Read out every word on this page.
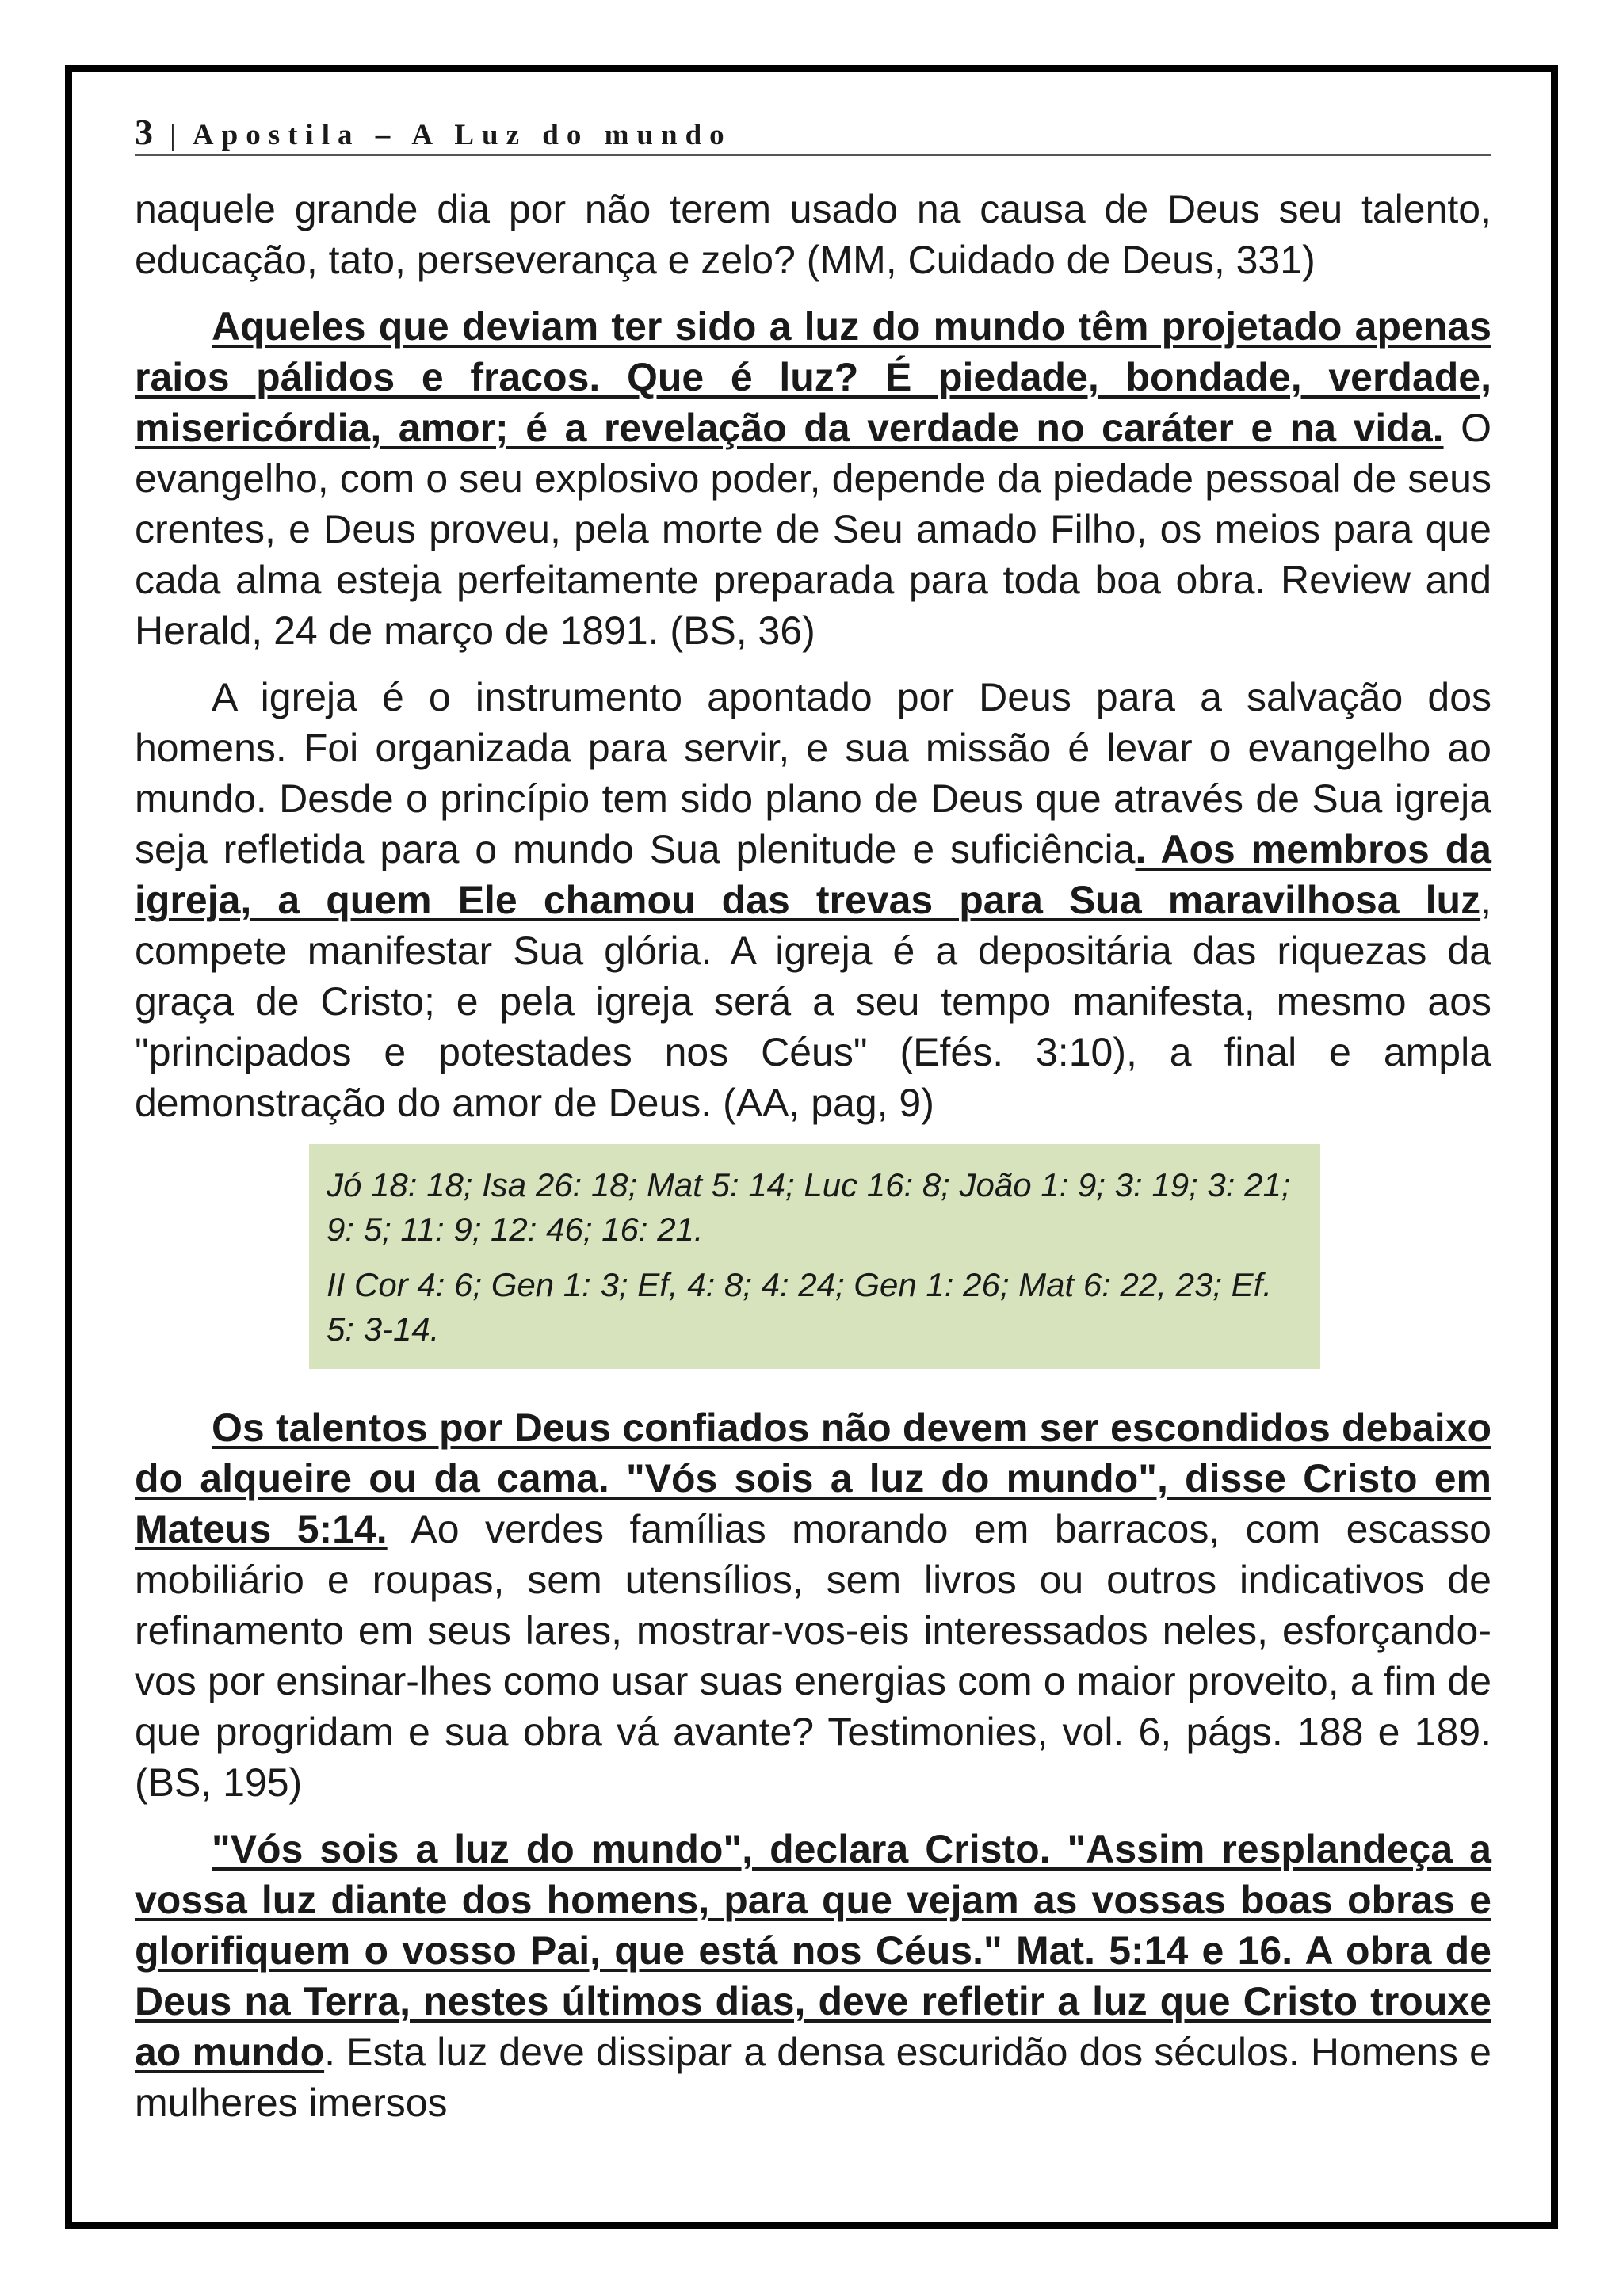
3 | Apostila – A Luz do mundo

naquele grande dia por não terem usado na causa de Deus seu talento, educação, tato, perseverança e zelo? (MM, Cuidado de Deus, 331)

Aqueles que deviam ter sido a luz do mundo têm projetado apenas raios pálidos e fracos. Que é luz? É piedade, bondade, verdade, misericórdia, amor; é a revelação da verdade no caráter e na vida. O evangelho, com o seu explosivo poder, depende da piedade pessoal de seus crentes, e Deus proveu, pela morte de Seu amado Filho, os meios para que cada alma esteja perfeitamente preparada para toda boa obra. Review and Herald, 24 de março de 1891. (BS, 36)

A igreja é o instrumento apontado por Deus para a salvação dos homens. Foi organizada para servir, e sua missão é levar o evangelho ao mundo. Desde o princípio tem sido plano de Deus que através de Sua igreja seja refletida para o mundo Sua plenitude e suficiência. Aos membros da igreja, a quem Ele chamou das trevas para Sua maravilhosa luz, compete manifestar Sua glória. A igreja é a depositária das riquezas da graça de Cristo; e pela igreja será a seu tempo manifesta, mesmo aos "principados e potestades nos Céus" (Efés. 3:10), a final e ampla demonstração do amor de Deus. (AA, pag, 9)

Jó 18: 18; Isa 26: 18; Mat 5: 14; Luc 16: 8; João 1: 9; 3: 19; 3: 21; 9: 5; 11: 9; 12: 46; 16: 21.
II Cor 4: 6; Gen 1: 3; Ef, 4: 8; 4: 24; Gen 1: 26; Mat 6: 22, 23; Ef. 5: 3-14.

Os talentos por Deus confiados não devem ser escondidos debaixo do alqueire ou da cama. "Vós sois a luz do mundo", disse Cristo em Mateus 5:14. Ao verdes famílias morando em barracos, com escasso mobiliário e roupas, sem utensílios, sem livros ou outros indicativos de refinamento em seus lares, mostrar-vos-eis interessados neles, esforçando-vos por ensinar-lhes como usar suas energias com o maior proveito, a fim de que progridam e sua obra vá avante? Testimonies, vol. 6, págs. 188 e 189. (BS, 195)

"Vós sois a luz do mundo", declara Cristo. "Assim resplandeça a vossa luz diante dos homens, para que vejam as vossas boas obras e glorifiquem o vosso Pai, que está nos Céus." Mat. 5:14 e 16. A obra de Deus na Terra, nestes últimos dias, deve refletir a luz que Cristo trouxe ao mundo. Esta luz deve dissipar a densa escuridão dos séculos. Homens e mulheres imersos
